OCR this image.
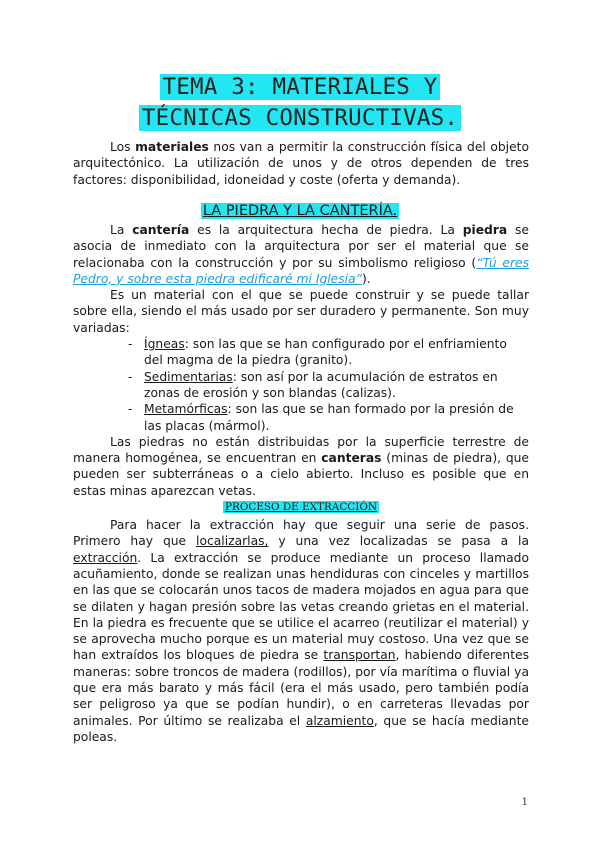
TEMA 3: MATERIALES Y
TÉCNICAS CONSTRUCTIVAS.

Los materiales nos van a permitir la construcción física del objeto arquitectónico. La utilización de unos y de otros dependen de tres factores: disponibilidad, idoneidad y coste (oferta y demanda).

LA PIEDRA Y LA CANTERÍA.

La cantería es la arquitectura hecha de piedra. La piedra se asocia de inmediato con la arquitectura por ser el material que se relacionaba con la construcción y por su simbolismo religioso (“Tú eres Pedro, y sobre esta piedra edificaré mi Iglesia”).

Es un material con el que se puede construir y se puede tallar sobre ella, siendo el más usado por ser duradero y permanente. Son muy variadas:

- Ígneas: son las que se han configurado por el enfriamiento del magma de la piedra (granito).
- Sedimentarias: son así por la acumulación de estratos en zonas de erosión y son blandas (calizas).
- Metamórficas: son las que se han formado por la presión de las placas (mármol).

Las piedras no están distribuidas por la superficie terrestre de manera homogénea, se encuentran en canteras (minas de piedra), que pueden ser subterráneas o a cielo abierto. Incluso es posible que en estas minas aparezcan vetas.

PROCESO DE EXTRACCIÓN

Para hacer la extracción hay que seguir una serie de pasos. Primero hay que localizarlas, y una vez localizadas se pasa a la extracción. La extracción se produce mediante un proceso llamado acuñamiento, donde se realizan unas hendiduras con cinceles y martillos en las que se colocarán unos tacos de madera mojados en agua para que se dilaten y hagan presión sobre las vetas creando grietas en el material. En la piedra es frecuente que se utilice el acarreo (reutilizar el material) y se aprovecha mucho porque es un material muy costoso. Una vez que se han extraídos los bloques de piedra se transportan, habiendo diferentes maneras: sobre troncos de madera (rodillos), por vía marítima o fluvial ya que era más barato y más fácil (era el más usado, pero también podía ser peligroso ya que se podían hundir), o en carreteras llevadas por animales. Por último se realizaba el alzamiento, que se hacía mediante poleas.

1
